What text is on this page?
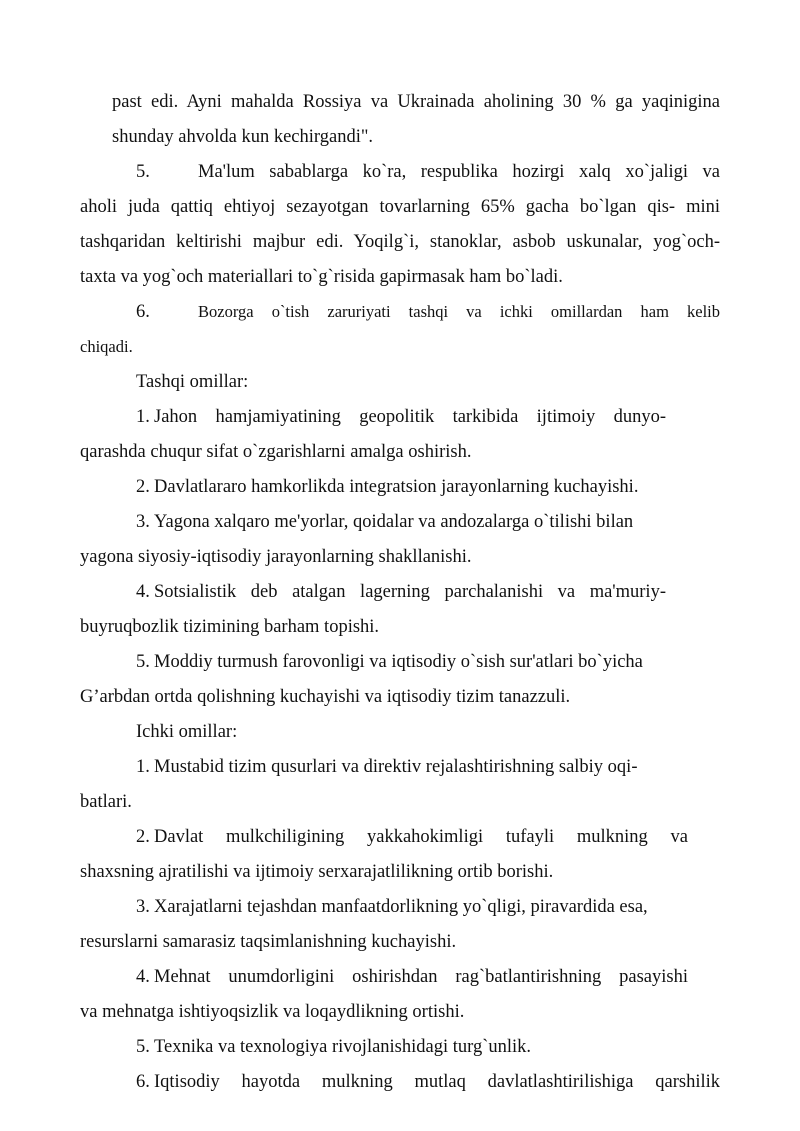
past edi. Ayni mahalda Rossiya va Ukrainada aholining 30 % ga yaqinigina
shunday ahvolda kun kechirgandi".
5.	Ma'lum sabablarga ko`ra, respublika hozirgi xalq xo`jaligi va
aholi juda qattiq ehtiyoj sezayotgan tovarlarning 65% gacha bo`lgan qis- mini
tashqaridan keltirishi majbur edi. Yoqilg`i, stanoklar, asbob uskunalar, yog`och-
taxta va yog`och materiallari to`g`risida gapirmasak ham bo`ladi.
6.	Bozorga o`tish zaruriyati tashqi va ichki omillardan ham kelib
chiqadi.
Tashqi omillar:
1. Jahon hamjamiyatining geopolitik tarkibida ijtimoiy dunyo-
qarashda chuqur sifat o`zgarishlarni amalga oshirish.
2. Davlatlararo hamkorlikda integratsion jarayonlarning kuchayishi.
3. Yagona xalqaro me'yorlar, qoidalar va andozalarga o`tilishi bilan
yagona siyosiy-iqtisodiy jarayonlarning shakllanishi.
4. Sotsialistik deb atalgan lagerning parchalanishi va ma'muriy-
buyruqbozlik tizimining barham topishi.
5. Moddiy turmush farovonligi va iqtisodiy o`sish sur'atlari bo`yicha
G’arbdan ortda qolishning kuchayishi va iqtisodiy tizim tanazzuli.
Ichki omillar:
1. Mustabid tizim qusurlari va direktiv rejalashtirishning salbiy oqi-
batlari.
2. Davlat mulkchiligining yakkahokimligi tufayli mulkning va
shaxsning ajratilishi va ijtimoiy serxarajatlilikning ortib borishi.
3. Xarajatlarni tejashdan manfaatdorlikning yo`qligi, piravardida esa,
resurslarni samarasiz taqsimlanishning kuchayishi.
4. Mehnat unumdorligini oshirishdan rag`batlantirishning pasayishi
va mehnatga ishtiyoqsizlik va loqaydlikning ortishi.
5. Texnika va texnologiya rivojlanishidagi turg`unlik.
6. Iqtisodiy hayotda mulkning mutlaq davlatlashtirilishiga qarshilik
